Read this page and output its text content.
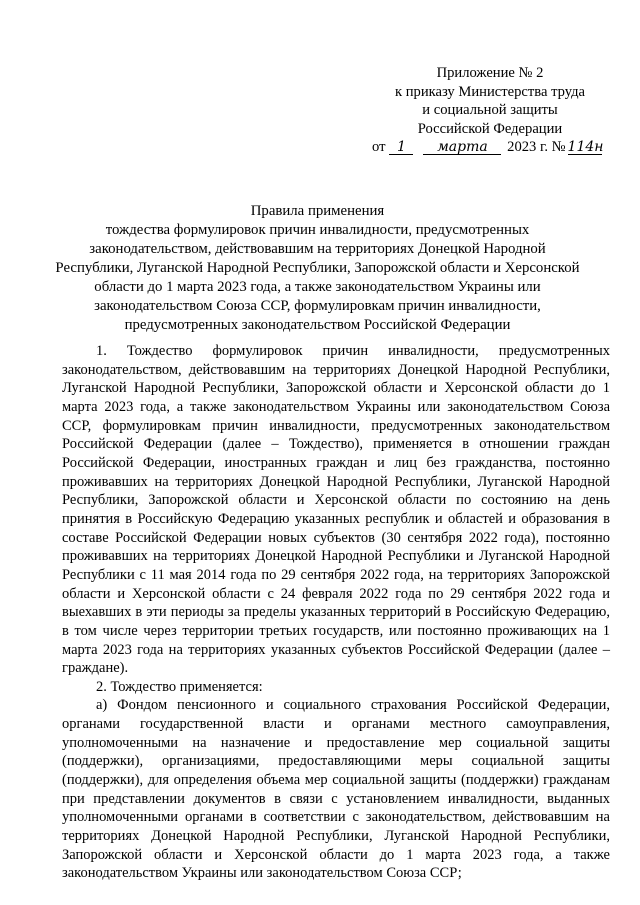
Приложение № 2
к приказу Министерства труда
и социальной защиты
Российской Федерации
от 1 марта 2023 г. № 114н
Правила применения
тождества формулировок причин инвалидности, предусмотренных
законодательством, действовавшим на территориях Донецкой Народной
Республики, Луганской Народной Республики, Запорожской области и Херсонской
области до 1 марта 2023 года, а также законодательством Украины или
законодательством Союза ССР, формулировкам причин инвалидности,
предусмотренных законодательством Российской Федерации

1. Тождество формулировок причин инвалидности, предусмотренных законодательством, действовавшим на территориях Донецкой Народной Республики, Луганской Народной Республики, Запорожской области и Херсонской области до 1 марта 2023 года, а также законодательством Украины или законодательством Союза ССР, формулировкам причин инвалидности, предусмотренных законодательством Российской Федерации (далее – Тождество), применяется в отношении граждан Российской Федерации, иностранных граждан и лиц без гражданства, постоянно проживавших на территориях Донецкой Народной Республики, Луганской Народной Республики, Запорожской области и Херсонской области по состоянию на день принятия в Российскую Федерацию указанных республик и областей и образования в составе Российской Федерации новых субъектов (30 сентября 2022 года), постоянно проживавших на территориях Донецкой Народной Республики и Луганской Народной Республики с 11 мая 2014 года по 29 сентября 2022 года, на территориях Запорожской области и Херсонской области с 24 февраля 2022 года по 29 сентября 2022 года и выехавших в эти периоды за пределы указанных территорий в Российскую Федерацию, в том числе через территории третьих государств, или постоянно проживающих на 1 марта 2023 года на территориях указанных субъектов Российской Федерации (далее – граждане).

2. Тождество применяется:

а) Фондом пенсионного и социального страхования Российской Федерации, органами государственной власти и органами местного самоуправления, уполномоченными на назначение и предоставление мер социальной защиты (поддержки), организациями, предоставляющими меры социальной защиты (поддержки), для определения объема мер социальной защиты (поддержки) гражданам при представлении документов в связи с установлением инвалидности, выданных уполномоченными органами в соответствии с законодательством, действовавшим на территориях Донецкой Народной Республики, Луганской Народной Республики, Запорожской области и Херсонской области до 1 марта 2023 года, а также законодательством Украины или законодательством Союза ССР;
